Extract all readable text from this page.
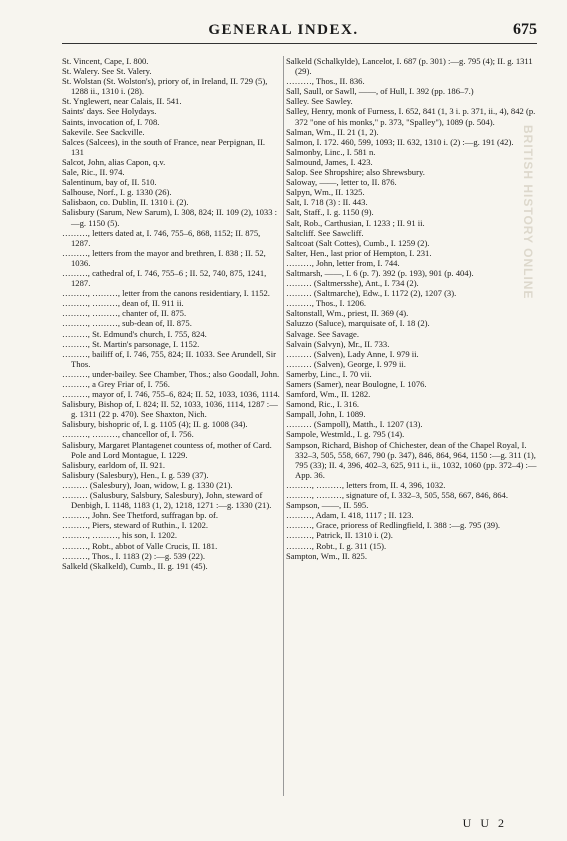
GENERAL INDEX.	675
BRITISH HISTORY ONLINE
St. Vincent, Cape, I. 800.
St. Walery. See St. Valery.
St. Wolstan (St. Wolston's), priory of, in Ireland, II. 729 (5), 1288 ii., 1310 i. (28).
St. Ynglewert, near Calais, II. 541.
Saints' days. See Holydays.
Saints, invocation of, I. 708.
Sakevile. See Sackville.
Salces (Salcees), in the south of France, near Perpignan, II. 131
Salcot, John, alias Capon, q.v.
Sale, Ric., II. 974.
Salentinum, bay of, II. 510.
Salhouse, Norf., I. g. 1330 (26).
Salisbaon, co. Dublin, II. 1310 i. (2).
Salisbury (Sarum, New Sarum), I. 308, 824; II. 109 (2), 1033 :—g. 1150 (5).
………, letters dated at, I. 746, 755–6, 868, 1152; II. 875, 1287.
………, letters from the mayor and brethren, I. 838 ; II. 52, 1036.
………, cathedral of, I. 746, 755–6 ; II. 52, 740, 875, 1241, 1287.
………, ………, letter from the canons residentiary, I. 1152.
………, ………, dean of, II. 911 ii.
………, ………, chanter of, II. 875.
………, ………, sub-dean of, II. 875.
………, St. Edmund's church, I. 755, 824.
………, St. Martin's parsonage, I. 1152.
………, bailiff of, I. 746, 755, 824; II. 1033. See Arundell, Sir Thos.
………, under-bailey. See Chamber, Thos.; also Goodall, John.
………, a Grey Friar of, I. 756.
………, mayor of, I. 746, 755–6, 824; II. 52, 1033, 1036, 1114.
Salisbury, Bishop of, I. 824; II. 52, 1033, 1036, 1114, 1287 :—g. 1311 (22 p. 470). See Shaxton, Nich.
Salisbury, bishopric of, I. g. 1105 (4); II. g. 1008 (34).
………, ………, chancellor of, I. 756.
Salisbury, Margaret Plantagenet countess of, mother of Card. Pole and Lord Montague, I. 1229.
Salisbury, earldom of, II. 921.
Salisbury (Salesbury), Hen., I. g. 539 (37).
……… (Salesbury), Joan, widow, I. g. 1330 (21).
……… (Salusbury, Salsbury, Salesbury), John, steward of Denbigh, I. 1148, 1183 (1, 2), 1218, 1271 :—g. 1330 (21).
………, John. See Thetford, suffragan bp. of.
………, Piers, steward of Ruthin., I. 1202.
………, ………, his son, I. 1202.
………, Robt., abbot of Valle Crucis, II. 181.
………, Thos., I. 1183 (2) :—g. 539 (22).
Salkeld (Skalkeld), Cumb., II. g. 191 (45).
Salkeld (Schalkylde), Lancelot, I. 687 (p. 301) :—g. 795 (4); II. g. 1311 (29).
………, Thos., II. 836.
Sall, Saull, or Sawll, ——, of Hull, I. 392 (pp. 186–7.)
Salley. See Sawley.
Salley, Henry, monk of Furness, I. 652, 841 (1, 3 i. p. 371, ii., 4), 842 (p. 372 "one of his monks," p. 373, "Spalley"), 1089 (p. 504).
Salman, Wm., II. 21 (1, 2).
Salmon, I. 172. 460, 599, 1093; II. 632, 1310 i. (2) :—g. 191 (42).
Salmonby, Linc., I. 581 n.
Salmound, James, I. 423.
Salop. See Shropshire; also Shrewsbury.
Saloway, ——, letter to, II. 876.
Salpyn, Wm., II. 1325.
Salt, I. 718 (3) : II. 443.
Salt, Staff., I. g. 1150 (9).
Salt, Rob., Carthusian, I. 1233 ; II. 91 ii.
Saltcliff. See Sawcliff.
Saltcoat (Salt Cottes), Cumb., I. 1259 (2).
Salter, Hen., last prior of Hempton, I. 231.
………, John, letter from, I. 744.
Saltmarsh, ——, I. 6 (p. 7). 392 (p. 193), 901 (p. 404).
……… (Saltmersshe), Ant., I. 734 (2).
……… (Saltmarche), Edw., I. 1172 (2), 1207 (3).
………, Thos., I. 1206.
Saltonstall, Wm., priest, II. 369 (4).
Saluzzo (Saluce), marquisate of, I. 18 (2).
Salvage. See Savage.
Salvain (Salvyn), Mr., II. 733.
……… (Salven), Lady Anne, I. 979 ii.
……… (Salven), George, I. 979 ii.
Samerby, Linc., I. 70 vii.
Samers (Samer), near Boulogne, I. 1076.
Samford, Wm., II. 1282.
Samond, Ric., I. 316.
Sampall, John, I. 1089.
……… (Sampoll), Matth., I. 1207 (13).
Sampole, Westmld., I. g. 795 (14).
Sampson, Richard, Bishop of Chichester, dean of the Chapel Royal, I. 332–3, 505, 558, 667, 790 (p. 347), 846, 864, 964, 1150 :—g. 311 (1), 795 (33); II. 4, 396, 402–3, 625, 911 i., ii., 1032, 1060 (pp. 372–4) :—App. 36.
………, ………, letters from, II. 4, 396, 1032.
………, ………, signature of, I. 332–3, 505, 558, 667, 846, 864.
Sampson, ——, II. 595.
………, Adam, I. 418, 1117 ; II. 123.
………, Grace, prioress of Redlingfield, I. 388 :—g. 795 (39).
………, Patrick, II. 1310 i. (2).
………, Robt., I. g. 311 (15).
Sampton, Wm., II. 825.
U U 2
